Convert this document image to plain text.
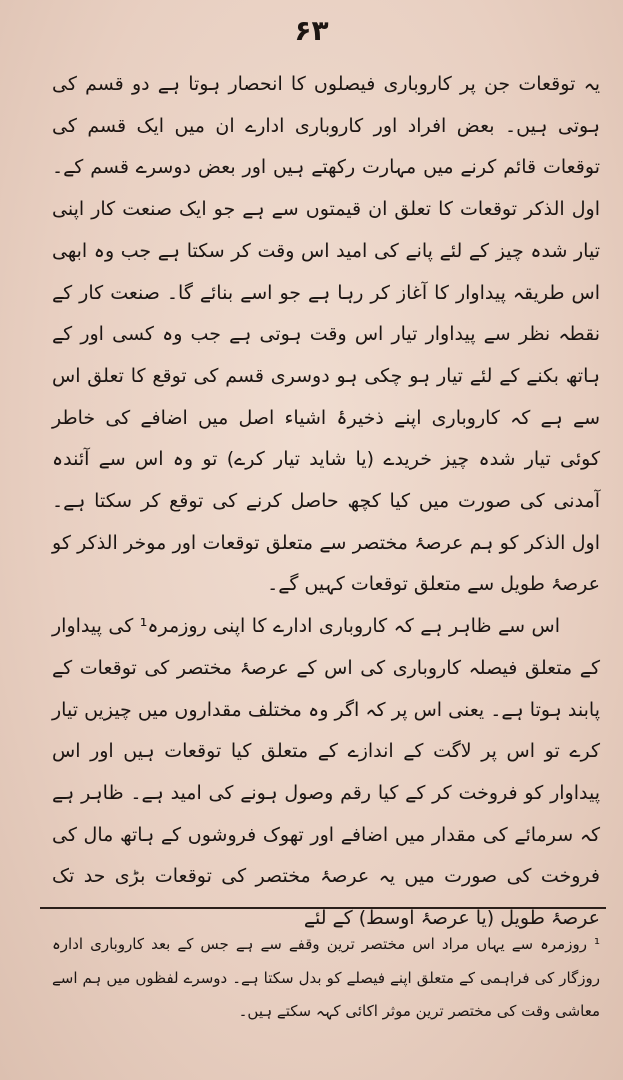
۶۳

یہ توقعات جن پر کاروباری فیصلوں کا انحصار ہوتا ہے دو قسم کی ہوتی ہیں۔ بعض افراد اور کاروباری ادارے ان میں ایک قسم کی توقعات قائم کرنے میں مہارت رکھتے ہیں اور بعض دوسرے قسم کے۔ اول الذکر توقعات کا تعلق ان قیمتوں سے ہے جو ایک صنعت کار اپنی تیار شدہ چیز کے لئے پانے کی امید اس وقت کر سکتا ہے جب وہ ابھی اس طریقہ پیداوار کا آغاز کر رہا ہے جو اسے بنائے گا۔ صنعت کار کے نقطہ نظر سے پیداوار تیار اس وقت ہوتی ہے جب وہ کسی اور کے ہاتھ بکنے کے لئے تیار ہو چکی ہو دوسری قسم کی توقع کا تعلق اس سے ہے کہ کاروباری اپنے ذخیرۂ اشیاء اصل میں اضافے کی خاطر کوئی تیار شدہ چیز خریدے (یا شاید تیار کرے) تو وہ اس سے آئندہ آمدنی کی صورت میں کیا کچھ حاصل کرنے کی توقع کر سکتا ہے۔ اول الذکر کو ہم عرصۂ مختصر سے متعلق توقعات اور موخر الذکر کو عرصۂ طویل سے متعلق توقعات کہیں گے۔

اس سے ظاہر ہے کہ کاروباری ادارے کا اپنی روزمرہ¹ کی پیداوار کے متعلق فیصلہ کاروباری کی اس کے عرصۂ مختصر کی توقعات کے پابند ہوتا ہے۔ یعنی اس پر کہ اگر وہ مختلف مقداروں میں چیزیں تیار کرے تو اس پر لاگت کے اندازے کے متعلق کیا توقعات ہیں اور اس پیداوار کو فروخت کر کے کیا رقم وصول ہونے کی امید ہے۔ ظاہر ہے کہ سرمائے کی مقدار میں اضافے اور تھوک فروشوں کے ہاتھ مال کی فروخت کی صورت میں یہ عرصۂ مختصر کی توقعات بڑی حد تک عرصۂ طویل (یا عرصۂ اوسط) کے لئے

¹ روزمرہ سے یہاں مراد اس مختصر ترین وقفے سے ہے جس کے بعد کاروباری ادارہ روزگار کی فراہمی کے متعلق اپنے فیصلے کو بدل سکتا ہے۔ دوسرے لفظوں میں ہم اسے معاشی وقت کی مختصر ترین موثر اکائی کہہ سکتے ہیں۔
